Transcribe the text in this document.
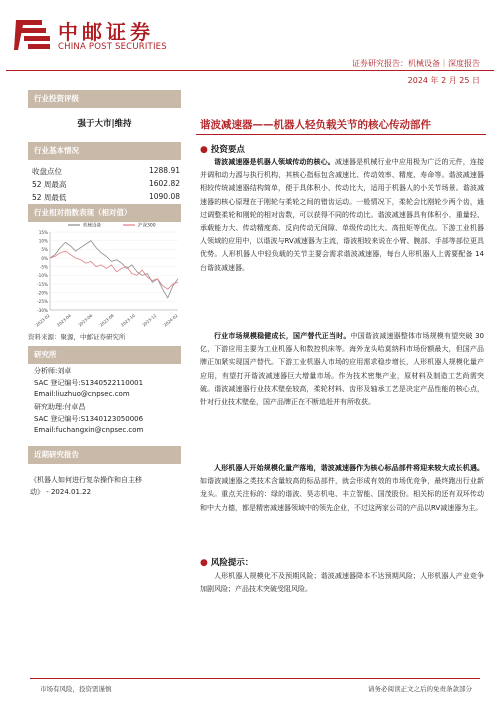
中邮证券
CHINA POST SECURITIES
证券研究报告：机械设备｜深度报告
2024 年 2 月 25 日
行业投资评级
强于大市|维持
行业基本情况
收盘点位	1288.91
52 周最高	1602.82
52 周最低	1090.08
行业相对指数表现（相对值）
15%
10%
5%
0%
-5%
-10%
-15%
-20%
-25%
-30%
2023-02 2023-04 2023-06 2023-08 2023-10 2023-12 2024-02
机械设备	沪深300
资料来源：聚源，中邮证券研究所
研究所
分析师:刘卓
SAC 登记编号:S1340522110001
Email:liuzhuo@cnpsec.com
研究助理:付卓昌
SAC 登记编号:S1340123050006
Email:fuchangxin@cnpsec.com
近期研究报告
《机器人如何进行复杂操作和自主移
动》 - 2024.01.22
谐波减速器——机器人轻负载关节的核心传动部件
● 投资要点
谐波减速器是机器人领域传动的核心。减速器是机械行业中应用极为广泛的元件，连接并调和动力源与执行机构，其核心指标包含减速比、传动效率、精度、寿命等。谐波减速器相较传统减速器结构简单，便于具体积小、传动比大，适用于机器人的小关节场景。谐波减速器的核心原理在于刚轮与柔轮之间的错齿运动。一般情况下，柔轮会比刚轮少两个齿，通过调整柔轮和刚轮的相对齿数，可以获得不同的传动比。谐波减速器具有体积小、重量轻、承载能力大、传动精度高、反向传动无间隙、单级传动比大、高扭矩等优点。下游工业机器人领域的应用中，以谐波与RV减速器为主流，谐波相较来说在小臂、腕部、手部等部位更具优势。人形机器人中轻负载的关节主要会需求谐波减速器，每台人形机器人上需要配备 14 台谐波减速器。
行业市场规模稳健成长，国产替代正当时。中国谐波减速器整体市场规模有望突破 30 亿，下游应用主要为工业机器人和数控机床等。海外龙头哈莫纳科市场份额最大，但国产品牌正加紧实现国产替代。下游工业机器人市场的应用需求稳步增长，人形机器人规模化量产应用，有望打开谐波减速器巨大增量市场。作为技术密集产业，原材料及制造工艺尚需突破。谐波减速器行业技术壁垒较高，柔轮材料、齿形及轴承工艺是决定产品性能的核心点，针对行业技术壁垒，国产品牌正在不断追赶并有所收获。
人形机器人开始规模化量产落地，谐波减速器作为核心标品部件将迎来较大成长机遇。如谐波减速器之类技术含量较高的标品部件，就会形成有效的市场优竞争，最终跑出行业新龙头。重点关注标的：绿的谐波、昊志机电、丰立智能、国茂股份。相关标的还有双环传动和中大力德，都是精密减速器领域中的领先企业，不过这两家公司的产品以RV减速器为主。
● 风险提示：
人形机器人规模化不及预期风险；谐波减速器降本不达预期风险；人形机器人产业竞争加剧风险；产品技术突破受阻风险。
市场有风险，投资需谨慎	请务必阅读正文之后的免责条款部分
